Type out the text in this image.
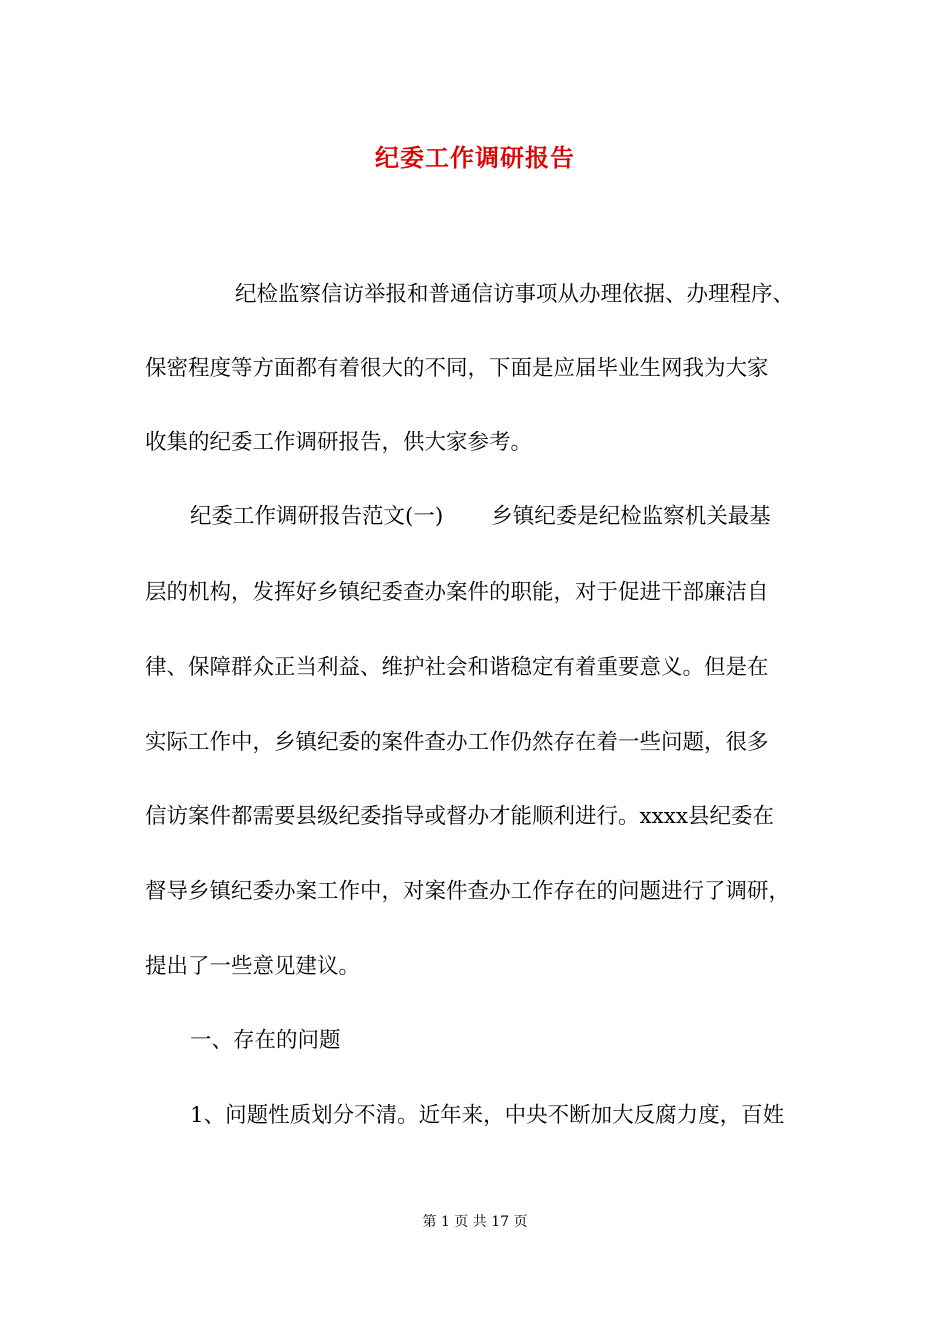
纪委工作调研报告
纪检监察信访举报和普通信访事项从办理依据、办理程序、
保密程度等方面都有着很大的不同，下面是应届毕业生网我为大家
收集的纪委工作调研报告，供大家参考。
纪委工作调研报告范文(一) 乡镇纪委是纪检监察机关最基
层的机构，发挥好乡镇纪委查办案件的职能，对于促进干部廉洁自
律、保障群众正当利益、维护社会和谐稳定有着重要意义。但是在
实际工作中，乡镇纪委的案件查办工作仍然存在着一些问题，很多
信访案件都需要县级纪委指导或督办才能顺利进行。xxxx县纪委在
督导乡镇纪委办案工作中，对案件查办工作存在的问题进行了调研，
提出了一些意见建议。
一、存在的问题
1、问题性质划分不清。近年来，中央不断加大反腐力度，百姓
第 1 页 共 17 页
